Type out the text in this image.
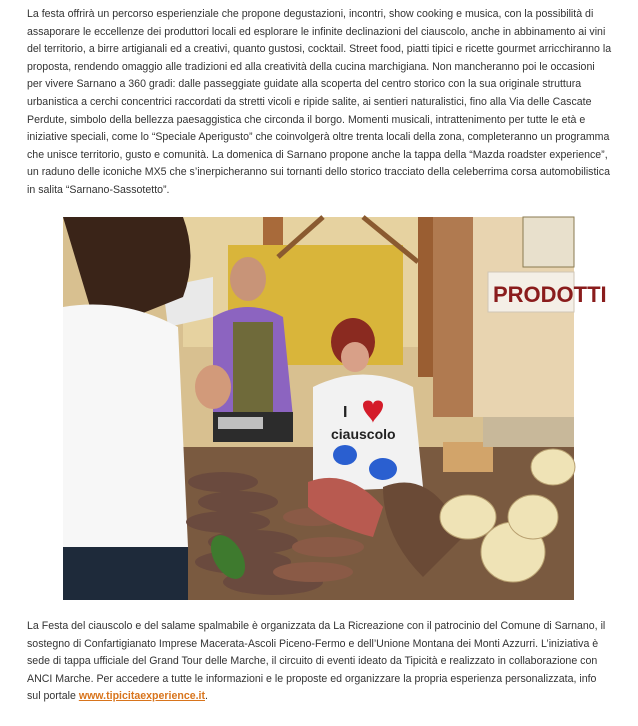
La festa offrirà un percorso esperienziale che propone degustazioni, incontri, show cooking e musica, con la possibilità di assaporare le eccellenze dei produttori locali ed esplorare le infinite declinazioni del ciauscolo, anche in abbinamento ai vini del territorio, a birre artigianali ed a creativi, quanto gustosi, cocktail. Street food, piatti tipici e ricette gourmet arricchiranno la proposta, rendendo omaggio alle tradizioni ed alla creatività della cucina marchigiana. Non mancheranno poi le occasioni per vivere Sarnano a 360 gradi: dalle passeggiate guidate alla scoperta del centro storico con la sua originale struttura urbanistica a cerchi concentrici raccordati da stretti vicoli e ripide salite, ai sentieri naturalistici, fino alla Via delle Cascate Perdute, simbolo della bellezza paesaggistica che circonda il borgo. Momenti musicali, intrattenimento per tutte le età e iniziative speciali, come lo “Speciale Aperigusto” che coinvolgerà oltre trenta locali della zona, completeranno un programma che unisce territorio, gusto e comunità. La domenica di Sarnano propone anche la tappa della “Mazda roadster experience”, un raduno delle iconiche MX5 che s’inerpicheranno sui tornanti dello storico tracciato della celeberrima corsa automobilistica in salita “Sarnano-Sassotetto”.

PRODOTTI
I
ciauscolo

La Festa del ciauscolo e del salame spalmabile è organizzata da La Ricreazione con il patrocinio del Comune di Sarnano, il sostegno di Confartigianato Imprese Macerata-Ascoli Piceno-Fermo e dell’Unione Montana dei Monti Azzurri. L’iniziativa è sede di tappa ufficiale del Grand Tour delle Marche, il circuito di eventi ideato da Tipicità e realizzato in collaborazione con ANCI Marche. Per accedere a tutte le informazioni e le proposte ed organizzare la propria esperienza personalizzata, info sul portale www.tipicitaexperience.it.
